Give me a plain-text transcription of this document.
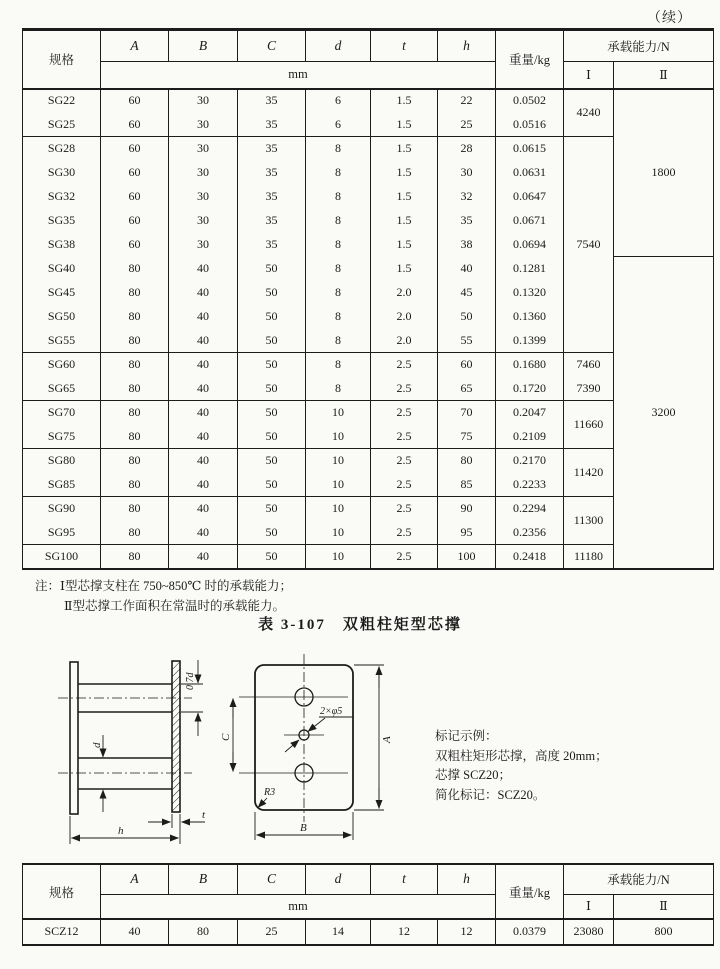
（续）
规格	A	B	C	d	t	h	重量/kg	承载能力/N	
	mm							Ⅰ	Ⅱ
SG22	60	30	35	6	1.5	22	0.0502	4240	1800
SG25	60	30	35	6	1.5	25	0.0516		
SG28	60	30	35	8	1.5	28	0.0615	7540	
SG30	60	30	35	8	1.5	30	0.0631		
SG32	60	30	35	8	1.5	32	0.0647		
SG35	60	30	35	8	1.5	35	0.0671		
SG38	60	30	35	8	1.5	38	0.0694		
SG40	80	40	50	8	1.5	40	0.1281		3200
SG45	80	40	50	8	2.0	45	0.1320		
SG50	80	40	50	8	2.0	50	0.1360		
SG55	80	40	50	8	2.0	55	0.1399		
SG60	80	40	50	8	2.5	60	0.1680	7460	
SG65	80	40	50	8	2.5	65	0.1720	7390	
SG70	80	40	50	10	2.5	70	0.2047	11660	
SG75	80	40	50	10	2.5	75	0.2109		
SG80	80	40	50	10	2.5	80	0.2170	11420	
SG85	80	40	50	10	2.5	85	0.2233		
SG90	80	40	50	10	2.5	90	0.2294	11300	
SG95	80	40	50	10	2.5	95	0.2356		
SG100	80	40	50	10	2.5	100	0.2418	11180	
注：Ⅰ型芯撑支柱在 750~850℃ 时的承载能力；
Ⅱ型芯撑工作面积在常温时的承载能力。
表 3-107　双粗柱矩型芯撑
0.7d
d
h
t
C	A
B
2×φ5
R3
标记示例：
双粗柱矩形芯撑，高度 20mm；
芯撑 SCZ20；
简化标记：SCZ20。
规格	A	B	C	d	t	h	重量/kg	承载能力/N	
	mm							Ⅰ	Ⅱ
SCZ12	40	80	25	14	12	12	0.0379	23080	800
